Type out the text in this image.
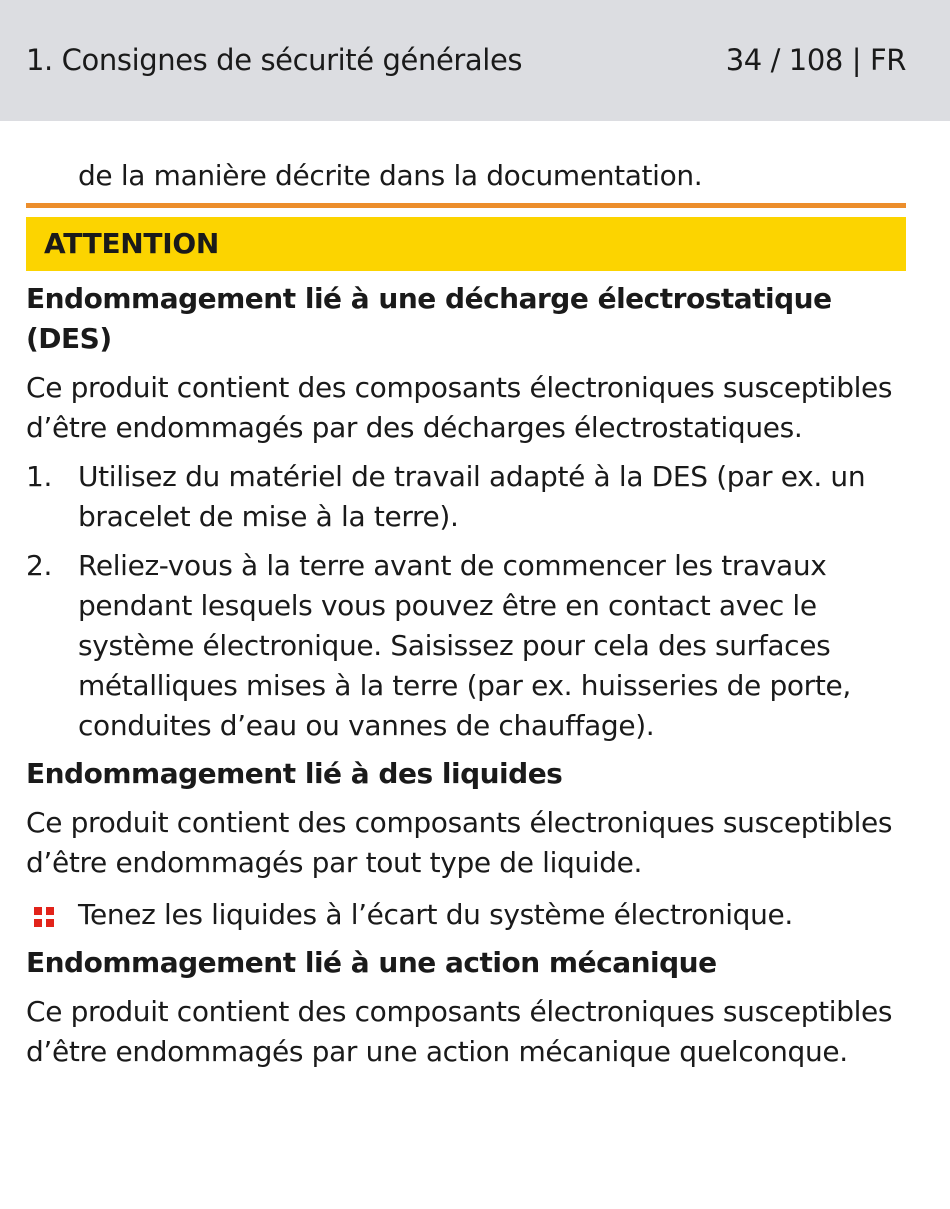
1. Consignes de sécurité générales	34 / 108 | FR

de la manière décrite dans la documentation.

ATTENTION
Endommagement lié à une décharge électrostatique (DES)

Ce produit contient des composants électroniques susceptibles d’être endommagés par des décharges électrostatiques.

1. Utilisez du matériel de travail adapté à la DES (par ex. un bracelet de mise à la terre).
2. Reliez-vous à la terre avant de commencer les travaux pendant lesquels vous pouvez être en contact avec le système électronique. Saisissez pour cela des surfaces métalliques mises à la terre (par ex. huisseries de porte, conduites d’eau ou vannes de chauffage).
Endommagement lié à des liquides

Ce produit contient des composants électroniques susceptibles d’être endommagés par tout type de liquide.

Tenez les liquides à l’écart du système électronique.
Endommagement lié à une action mécanique

Ce produit contient des composants électroniques susceptibles d’être endommagés par une action mécanique quelconque.
